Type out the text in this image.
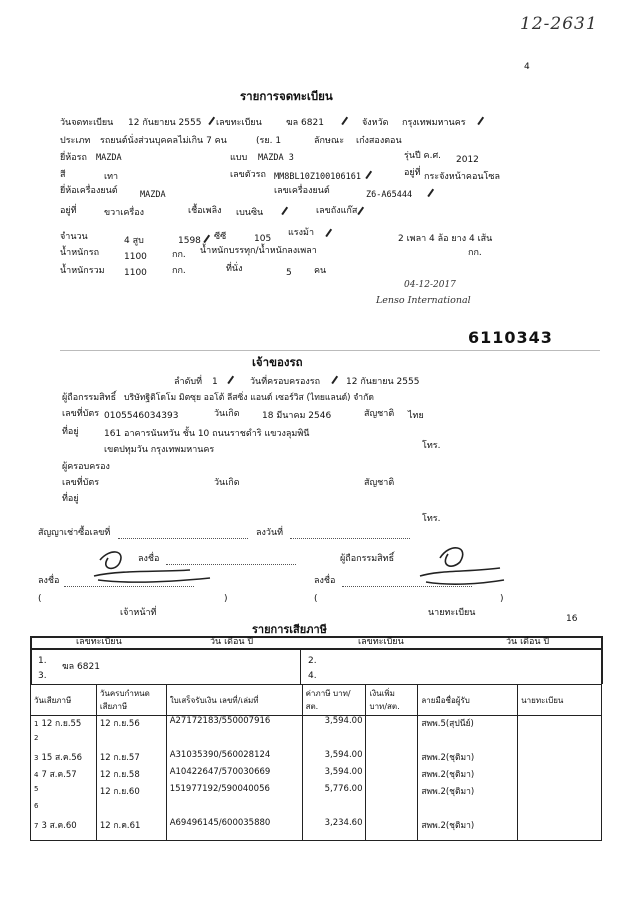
12-2631
4
รายการจดทะเบียน
วันจดทะเบียน 12 กันยายน 2555 เลขทะเบียน	ฆล 6821	จังหวัด กรุงเทพมหานคร
ประเภท รถยนต์นั่งส่วนบุคคลไม่เกิน 7 คน	(รย. 1	ลักษณะ เก๋งสองตอน
ยี่ห้อรถ MAZDA	แบบ MAZDA 3	รุ่นปี ค.ศ. 2012
สี	เทา	เลขตัวรถ MM8BL10Z100106161	อยู่ที่ กระจังหน้าคอนโซล
ยี่ห้อเครื่องยนต์	MAZDA	เลขเครื่องยนต์	Z6-A65444
อยู่ที่	ขวาเครื่อง	เชื้อเพลิง เบนซิน	เลขถังแก๊ส
จำนวน	4 สูบ	1598 ซีซี	105
แรงม้า
2 เพลา 4 ล้อ ยาง 4 เส้น
น้ำหนักรถ	1100	กก. น้ำหนักบรรทุก/น้ำหนักลงเพลา	กก.
น้ำหนักรวม 1100	กก.	ที่นั่ง	5 คน
04-12-2017
Lenso International
6110343
เจ้าของรถ
ลำดับที่ 1	วันที่ครอบครองรถ	12 กันยายน 2555
ผู้ถือกรรมสิทธิ์ บริษัทฐิติโดโม มิตซุย ออโต้ ลีสซิ่ง แอนด์ เซอร์วิส (ไทยแลนด์) จำกัด
เลขที่บัตร 0105546034393	วันเกิด 18 มีนาคม 2546	สัญชาติ ไทย
ที่อยู่	161 อาคารนันทวัน ชั้น 10 ถนนราชดำริ แขวงลุมพินี
เขตปทุมวัน กรุงเทพมหานคร	โทร.
ผู้ครอบครอง
เลขที่บัตร	วันเกิด	สัญชาติ
ที่อยู่
โทร.
สัญญาเช่าซื้อเลขที่	ลงวันที่
ลงชื่อ
ลงชื่อ
ผู้ถือกรรมสิทธิ์
ลงชื่อ
(	)	(	)
เจ้าหน้าที่	นายทะเบียน
16
รายการเสียภาษี
เลขทะเบียน	วัน เดือน ปี	เลขทะเบียน	วัน เดือน ปี
1.
ฆล 6821
3.
2.
4.
วันเสียภาษี	วันครบกำหนด เสียภาษี	ใบเสร็จรับเงิน เลขที่/เล่มที่	ค่าภาษี บาท/สต.	เงินเพิ่ม บาท/สต.	ลายมือชื่อผู้รับ	นายทะเบียน
1 12 ก.ย.55	12 ก.ย.56	A27172183/550007916	3,594.00		สพพ.5(สุปนีย์)	
2						
3 15 ส.ค.56	12 ก.ย.57	A31035390/560028124	3,594.00		สพพ.2(ชุติมา)	
4 7 ส.ค.57	12 ก.ย.58	A10422647/570030669	3,594.00		สพพ.2(ชุติมา)	
5	12 ก.ย.60	151977192/590040056	5,776.00		สพพ.2(ชุติมา)	
6						
7 3 ส.ค.60	12 ก.ค.61	A69496145/600035880	3,234.60		สพพ.2(ชุติมา)	
